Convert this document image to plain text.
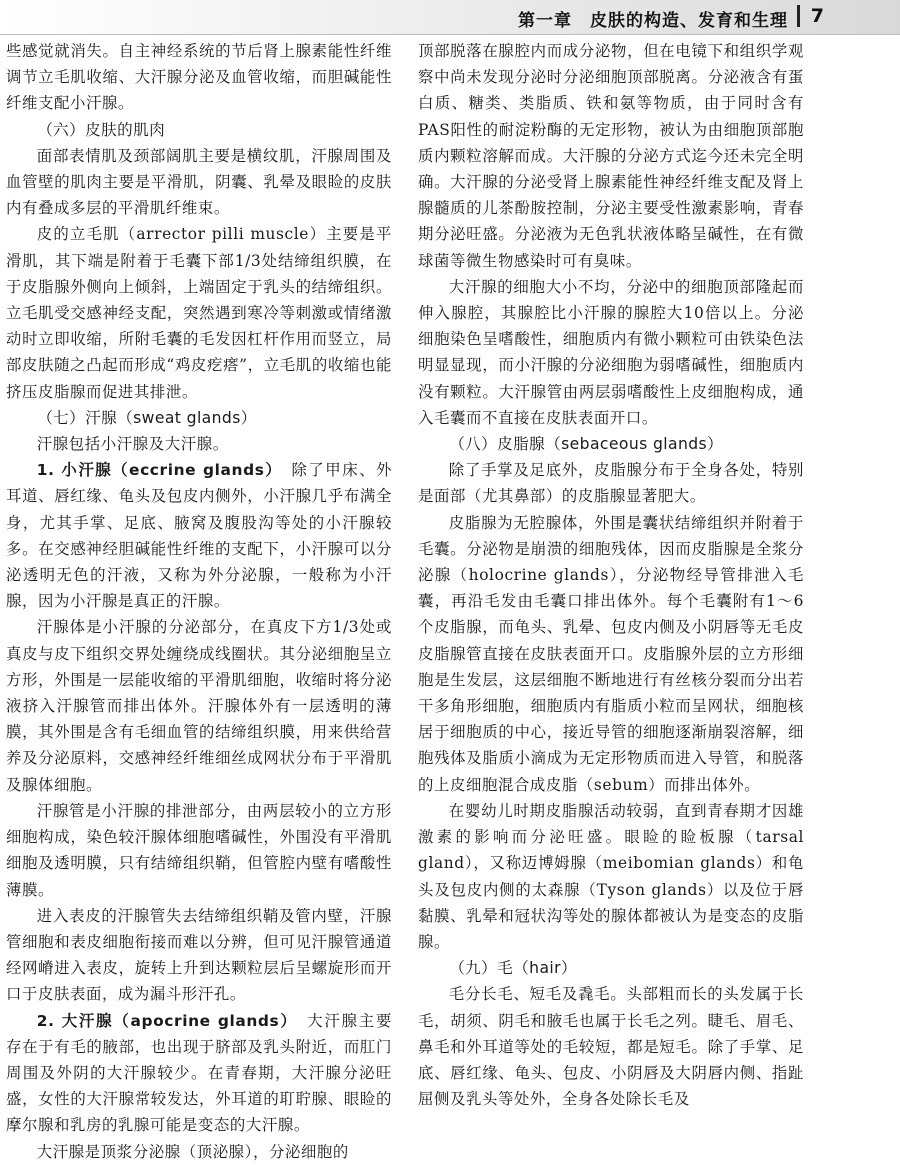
第一章　皮肤的构造、发育和生理 7

些感觉就消失。自主神经系统的节后肾上腺素能性纤维调节立毛肌收缩、大汗腺分泌及血管收缩，而胆碱能性纤维支配小汗腺。

（六）皮肤的肌肉

面部表情肌及颈部阔肌主要是横纹肌，汗腺周围及血管壁的肌肉主要是平滑肌，阴囊、乳晕及眼睑的皮肤内有叠成多层的平滑肌纤维束。

皮的立毛肌（arrector pilli muscle）主要是平滑肌，其下端是附着于毛囊下部1/3处结缔组织膜，在于皮脂腺外侧向上倾斜，上端固定于乳头的结缔组织。立毛肌受交感神经支配，突然遇到寒冷等刺激或情绪激动时立即收缩，所附毛囊的毛发因杠杆作用而竖立，局部皮肤随之凸起而形成“鸡皮疙瘩”，立毛肌的收缩也能挤压皮脂腺而促进其排泄。

（七）汗腺（sweat glands）

汗腺包括小汗腺及大汗腺。

1. 小汗腺（eccrine glands）　除了甲床、外耳道、唇红缘、龟头及包皮内侧外，小汗腺几乎布满全身，尤其手掌、足底、腋窝及腹股沟等处的小汗腺较多。在交感神经胆碱能性纤维的支配下，小汗腺可以分泌透明无色的汗液，又称为外分泌腺，一般称为小汗腺，因为小汗腺是真正的汗腺。

汗腺体是小汗腺的分泌部分，在真皮下方1/3处或真皮与皮下组织交界处缠绕成线圈状。其分泌细胞呈立方形，外围是一层能收缩的平滑肌细胞，收缩时将分泌液挤入汗腺管而排出体外。汗腺体外有一层透明的薄膜，其外围是含有毛细血管的结缔组织膜，用来供给营养及分泌原料，交感神经纤维细丝成网状分布于平滑肌及腺体细胞。

汗腺管是小汗腺的排泄部分，由两层较小的立方形细胞构成，染色较汗腺体细胞嗜碱性，外围没有平滑肌细胞及透明膜，只有结缔组织鞘，但管腔内壁有嗜酸性薄膜。

进入表皮的汗腺管失去结缔组织鞘及管内壁，汗腺管细胞和表皮细胞衔接而难以分辨，但可见汗腺管通道经网嵴进入表皮，旋转上升到达颗粒层后呈螺旋形而开口于皮肤表面，成为漏斗形汗孔。

2. 大汗腺（apocrine glands）　大汗腺主要存在于有毛的腋部，也出现于脐部及乳头附近，而肛门周围及外阴的大汗腺较少。在青春期，大汗腺分泌旺盛，女性的大汗腺常较发达，外耳道的耵聍腺、眼睑的摩尔腺和乳房的乳腺可能是变态的大汗腺。

大汗腺是顶浆分泌腺（顶泌腺），分泌细胞的

顶部脱落在腺腔内而成分泌物，但在电镜下和组织学观察中尚未发现分泌时分泌细胞顶部脱离。分泌液含有蛋白质、糖类、类脂质、铁和氨等物质，由于同时含有PAS阳性的耐淀粉酶的无定形物，被认为由细胞顶部胞质内颗粒溶解而成。大汗腺的分泌方式迄今还未完全明确。大汗腺的分泌受肾上腺素能性神经纤维支配及肾上腺髓质的儿茶酚胺控制，分泌主要受性激素影响，青春期分泌旺盛。分泌液为无色乳状液体略呈碱性，在有微球菌等微生物感染时可有臭味。

大汗腺的细胞大小不均，分泌中的细胞顶部隆起而伸入腺腔，其腺腔比小汗腺的腺腔大10倍以上。分泌细胞染色呈嗜酸性，细胞质内有微小颗粒可由铁染色法明显显现，而小汗腺的分泌细胞为弱嗜碱性，细胞质内没有颗粒。大汗腺管由两层弱嗜酸性上皮细胞构成，通入毛囊而不直接在皮肤表面开口。

（八）皮脂腺（sebaceous glands）

除了手掌及足底外，皮脂腺分布于全身各处，特别是面部（尤其鼻部）的皮脂腺显著肥大。

皮脂腺为无腔腺体，外围是囊状结缔组织并附着于毛囊。分泌物是崩溃的细胞残体，因而皮脂腺是全浆分泌腺（holocrine glands），分泌物经导管排泄入毛囊，再沿毛发由毛囊口排出体外。每个毛囊附有1～6个皮脂腺，而龟头、乳晕、包皮内侧及小阴唇等无毛皮皮脂腺管直接在皮肤表面开口。皮脂腺外层的立方形细胞是生发层，这层细胞不断地进行有丝核分裂而分出若干多角形细胞，细胞质内有脂质小粒而呈网状，细胞核居于细胞质的中心，接近导管的细胞逐渐崩裂溶解，细胞残体及脂质小滴成为无定形物质而进入导管，和脱落的上皮细胞混合成皮脂（sebum）而排出体外。

在婴幼儿时期皮脂腺活动较弱，直到青春期才因雄激素的影响而分泌旺盛。眼睑的睑板腺（tarsal gland），又称迈博姆腺（meibomian glands）和龟头及包皮内侧的太森腺（Tyson glands）以及位于唇黏膜、乳晕和冠状沟等处的腺体都被认为是变态的皮脂腺。

（九）毛（hair）

毛分长毛、短毛及毳毛。头部粗而长的头发属于长毛，胡须、阴毛和腋毛也属于长毛之列。睫毛、眉毛、鼻毛和外耳道等处的毛较短，都是短毛。除了手掌、足底、唇红缘、龟头、包皮、小阴唇及大阴唇内侧、指趾屈侧及乳头等处外，全身各处除长毛及
